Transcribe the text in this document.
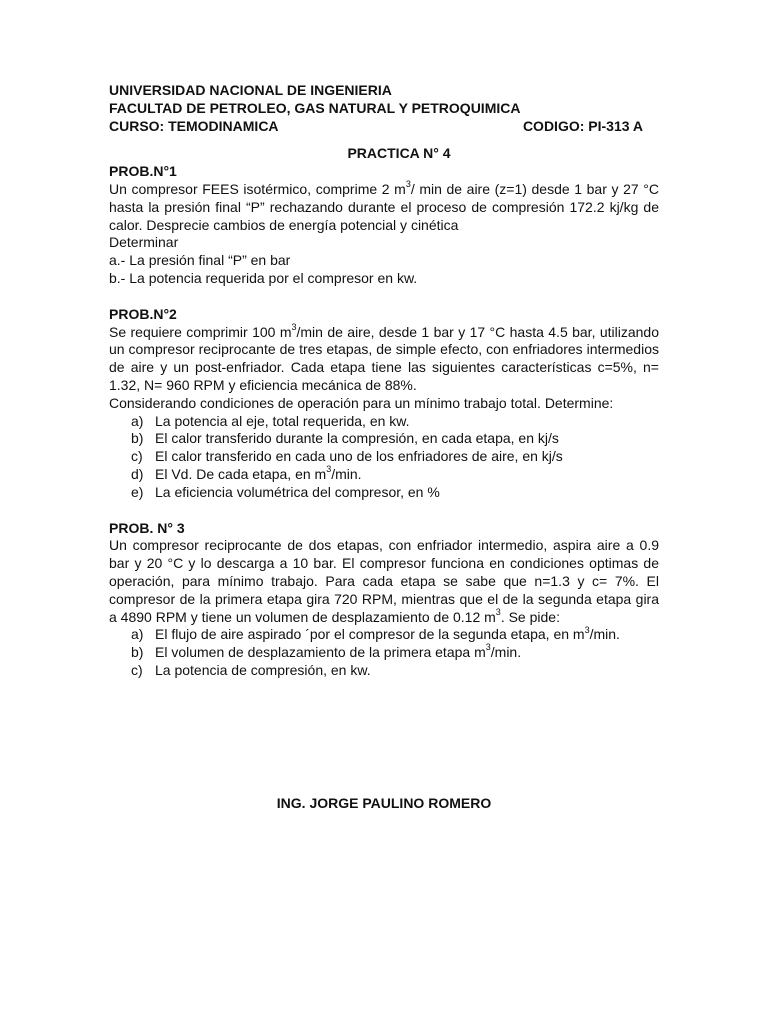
UNIVERSIDAD NACIONAL DE INGENIERIA
FACULTAD DE PETROLEO, GAS NATURAL Y PETROQUIMICA
CURSO: TEMODINAMICA	CODIGO: PI-313 A
PRACTICA N° 4
PROB.N°1

Un compresor FEES isotérmico, comprime 2 $m^3/$ min de aire (z=1) desde 1 bar y 27 °C hasta la presión final “P” rechazando durante el proceso de compresión 172.2 kj/kg de calor. Desprecie cambios de energía potencial y cinética

Determinar
a.- La presión final “P” en bar
b.- La potencia requerida por el compresor en kw.
PROB.N°2

Se requiere comprimir 100 $m^3/\min$ de aire, desde 1 bar y 17 °C hasta 4.5 bar, utilizando un compresor reciprocante de tres etapas, de simple efecto, con enfriadores intermedios de aire y un post-enfriador. Cada etapa tiene las siguientes características c=5%, n= 1.32, N= 960 RPM y eficiencia mecánica de 88%.

Considerando condiciones de operación para un mínimo trabajo total. Determine:
a) La potencia al eje, total requerida, en kw.
b) El calor transferido durante la compresión, en cada etapa, en kj/s
c) El calor transferido en cada uno de los enfriadores de aire, en kj/s
d) El Vd. De cada etapa, en $m^3/\min$.
e) La eficiencia volumétrica del compresor, en %
PROB. N° 3

Un compresor reciprocante de dos etapas, con enfriador intermedio, aspira aire a 0.9 bar y 20 °C y lo descarga a 10 bar. El compresor funciona en condiciones optimas de operación, para mínimo trabajo. Para cada etapa se sabe que n=1.3 y c= 7%. El compresor de la primera etapa gira 720 RPM, mientras que el de la segunda etapa gira a 4890 RPM y tiene un volumen de desplazamiento de 0.12 $m^3$. Se pide:

a) El flujo de aire aspirado ´por el compresor de la segunda etapa, en $m^3/\min$.
b) El volumen de desplazamiento de la primera etapa $m^3/\min$.
c) La potencia de compresión, en kw.
ING. JORGE PAULINO ROMERO
